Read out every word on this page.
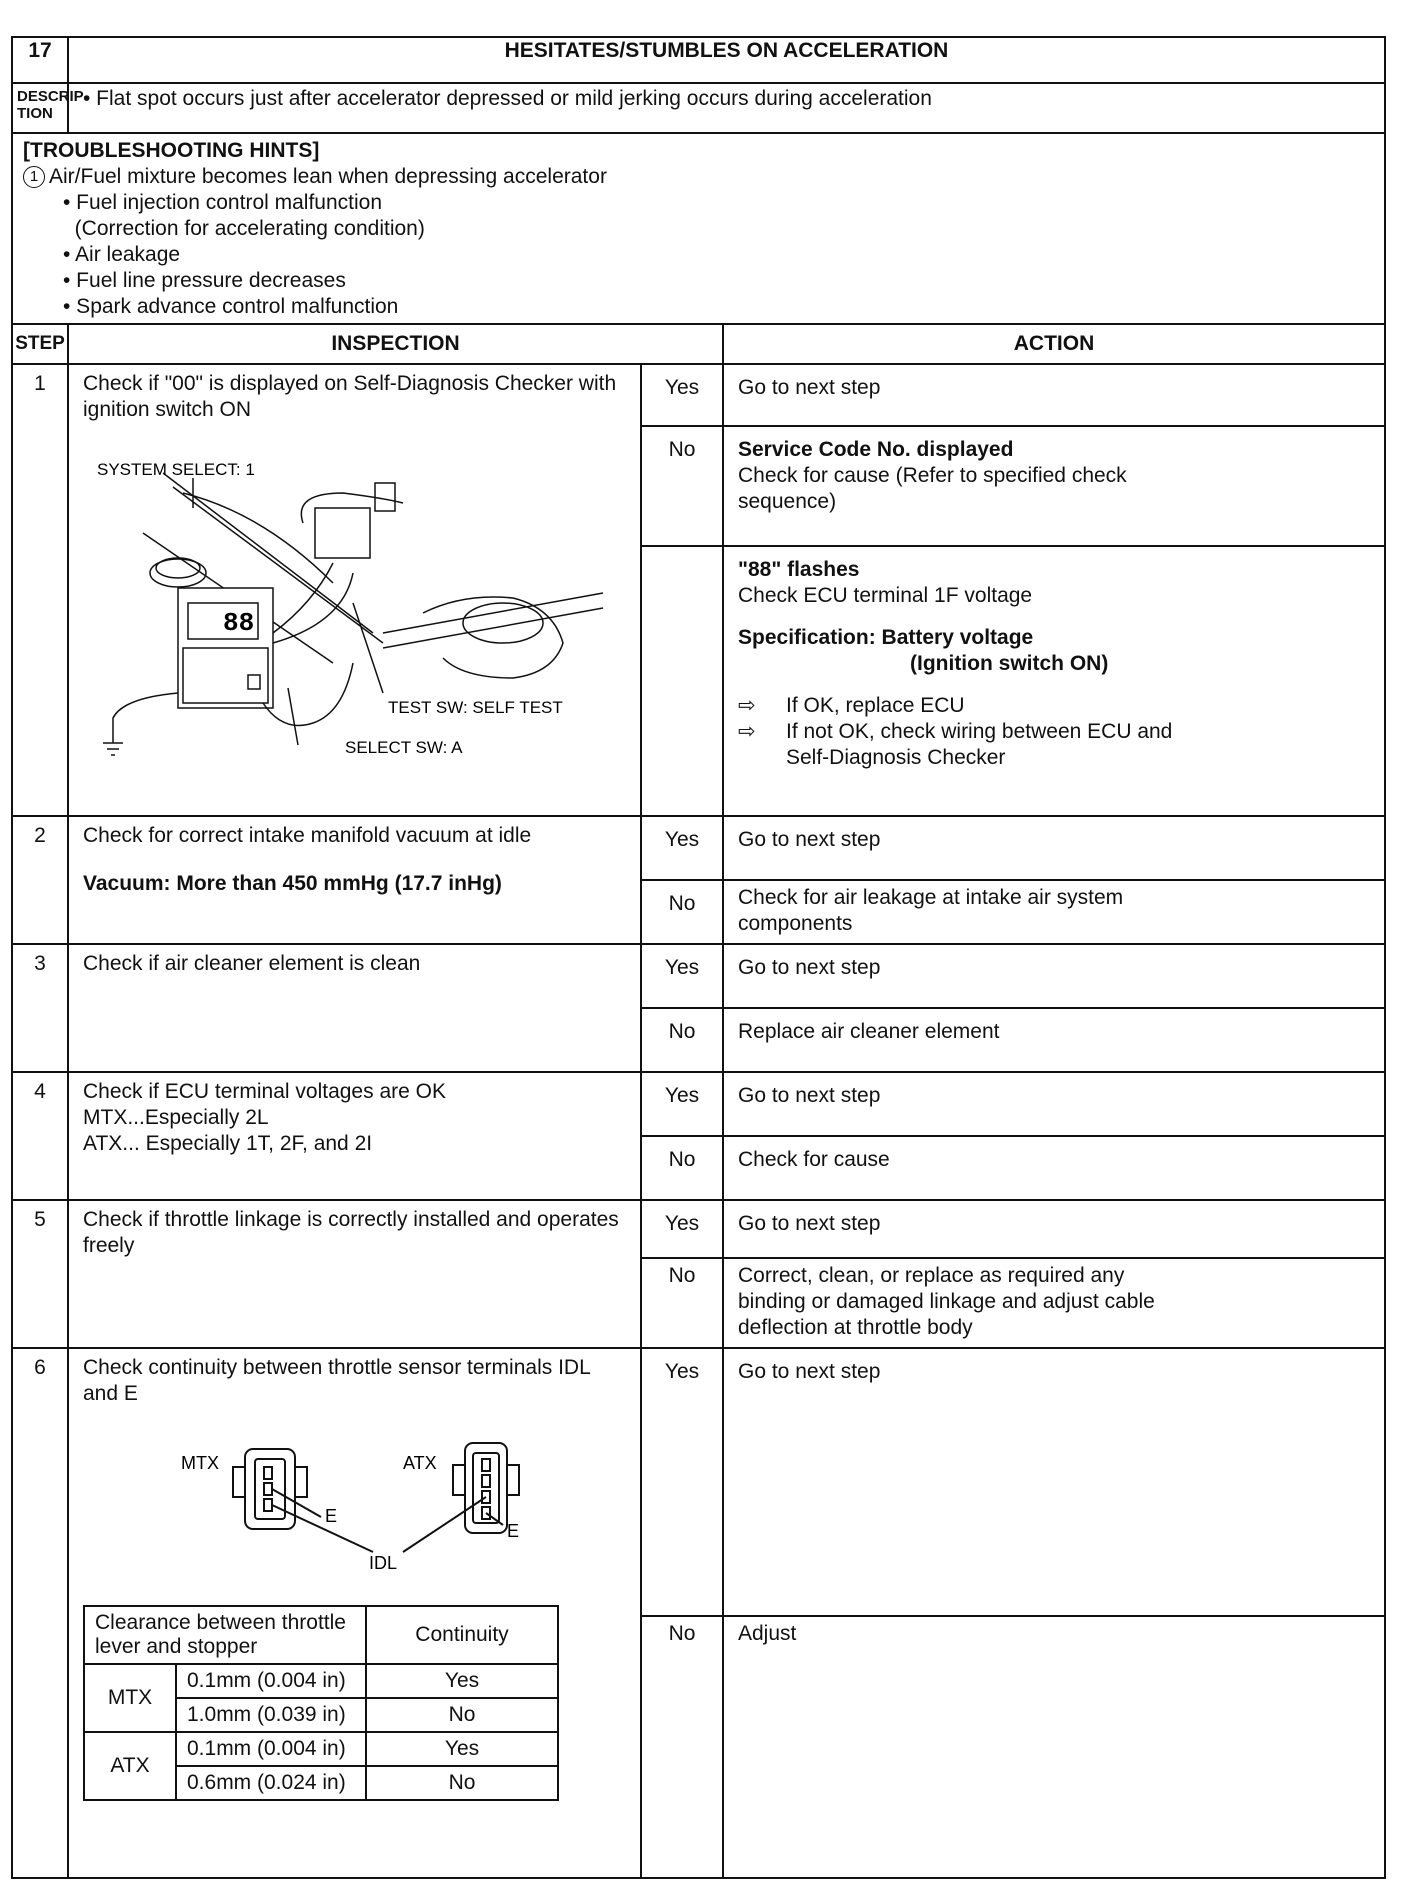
17	HESITATES/STUMBLES ON ACCELERATION

DESCRIP-
TION
	• Flat spot occurs just after accelerator depressed or mild jerking occurs during acceleration

[TROUBLESHOOTING HINTS]
1 Air/Fuel mixture becomes lean when depressing accelerator
• Fuel injection control malfunction
(Correction for accelerating condition)
• Air leakage
• Fuel line pressure decreases
• Spark advance control malfunction

STEP	INSPECTION	ACTION
1	Check if "00" is displayed on Self-Diagnosis Checker with ignition switch ON
88
SYSTEM SELECT: 1
TEST SW: SELF TEST
SELECT SW: A
	Yes	Go to next step
No	Service Code No. displayed
Check for cause (Refer to specified check sequence)

"88" flashes
Check ECU terminal 1F voltage
Specification: Battery voltage
(Ignition switch ON)
⇨	If OK, replace ECU
⇨	If not OK, check wiring between ECU and Self-Diagnosis Checker

2	Check for correct intake manifold vacuum at idle
Vacuum: More than 450 mmHg (17.7 inHg)
	Yes	Go to next step
No	Check for air leakage at intake air system components

3	Check if air cleaner element is clean	Yes	Go to next step
No	Replace air cleaner element
4	Check if ECU terminal voltages are OK
MTX...Especially 2L
ATX... Especially 1T, 2F, and 2I
	Yes	Go to next step
No	Check for cause
5	Check if throttle linkage is correctly installed and operates freely	Yes	Go to next step
No	Correct, clean, or replace as required any binding or damaged linkage and adjust cable deflection at throttle body

6	Check continuity between throttle sensor terminals IDL and E
MTX	ATX
E
E
IDL
Clearance between throttle lever and stopper	Continuity
MTX	0.1mm (0.004 in)	Yes
1.0mm (0.039 in)	No
ATX	0.1mm (0.004 in)	Yes
0.6mm (0.024 in)	No
	Yes	Go to next step
No	Adjust
